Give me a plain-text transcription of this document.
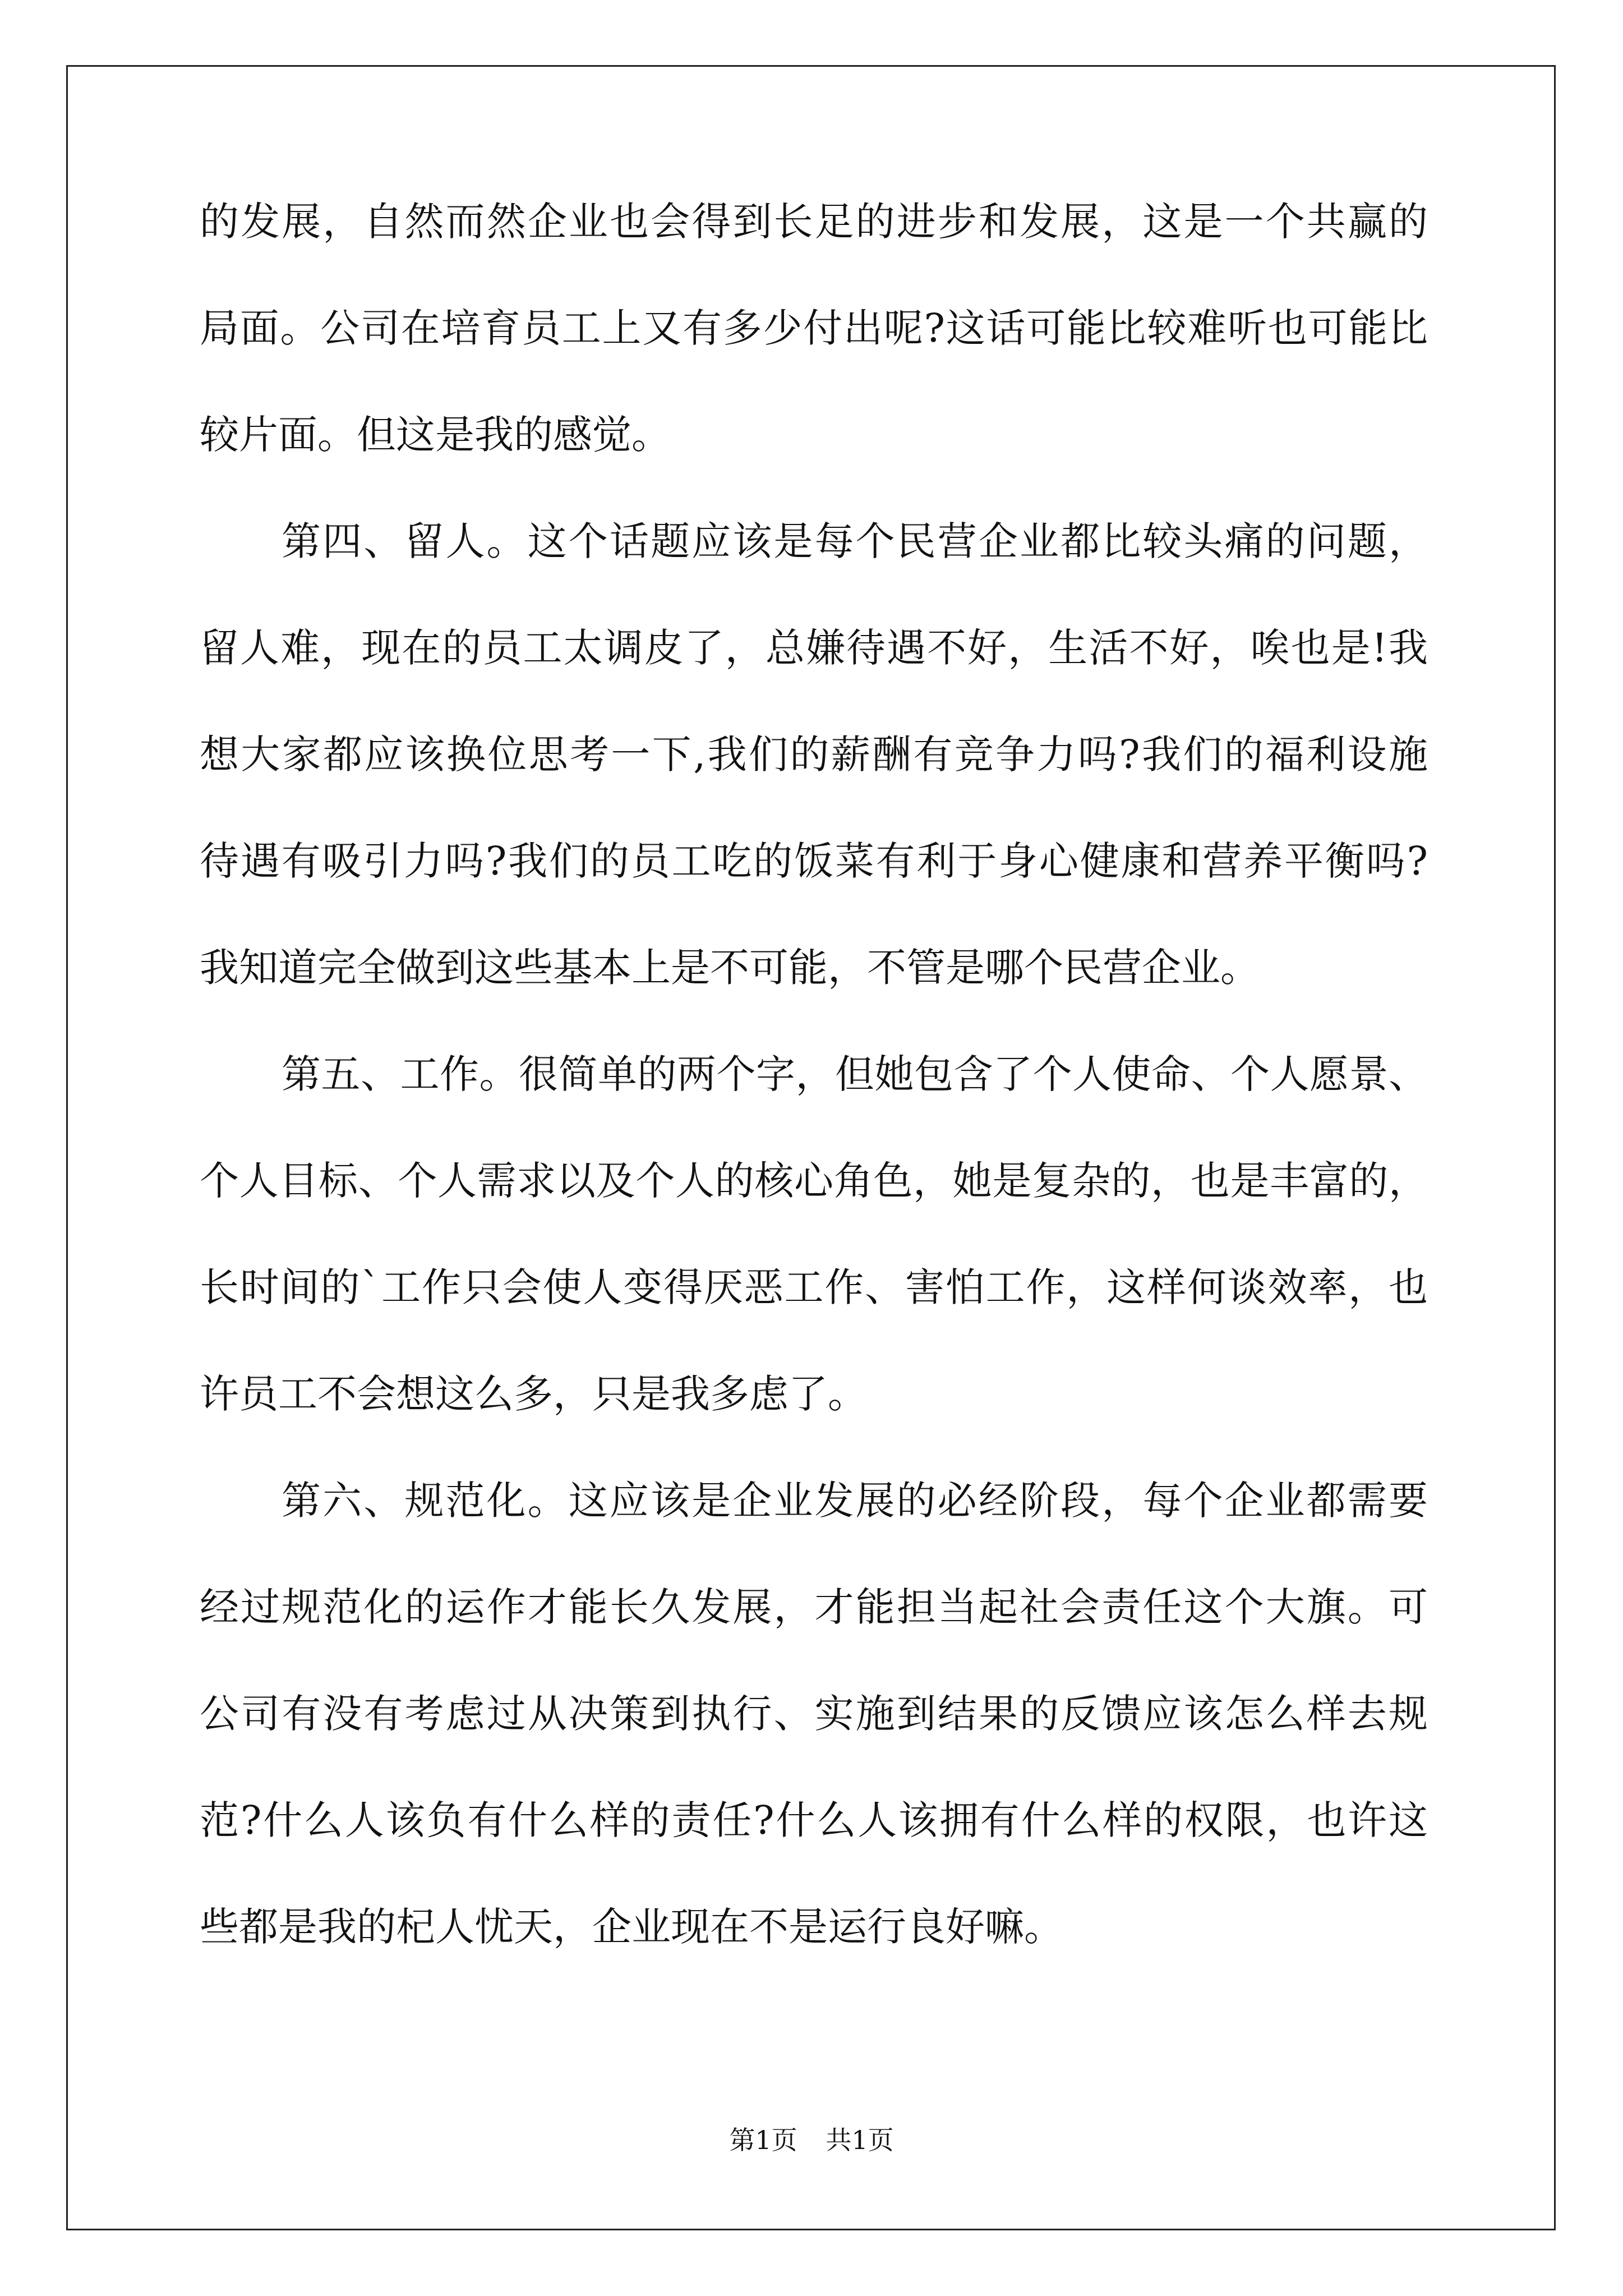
的发展，自然而然企业也会得到长足的进步和发展，这是一个共赢的
局面。公司在培育员工上又有多少付出呢?这话可能比较难听也可能比
较片面。但这是我的感觉。
第四、留人。这个话题应该是每个民营企业都比较头痛的问题，
留人难，现在的员工太调皮了，总嫌待遇不好，生活不好，唉也是!我
想大家都应该换位思考一下,我们的薪酬有竞争力吗?我们的福利设施
待遇有吸引力吗?我们的员工吃的饭菜有利于身心健康和营养平衡吗?
我知道完全做到这些基本上是不可能，不管是哪个民营企业。
第五、工作。很简单的两个字，但她包含了个人使命、个人愿景、
个人目标、个人需求以及个人的核心角色，她是复杂的，也是丰富的，
长时间的`工作只会使人变得厌恶工作、害怕工作，这样何谈效率，也
许员工不会想这么多，只是我多虑了。
第六、规范化。这应该是企业发展的必经阶段，每个企业都需要
经过规范化的运作才能长久发展，才能担当起社会责任这个大旗。可
公司有没有考虑过从决策到执行、实施到结果的反馈应该怎么样去规
范?什么人该负有什么样的责任?什么人该拥有什么样的权限，也许这
些都是我的杞人忧天，企业现在不是运行良好嘛。
第1页 共1页
